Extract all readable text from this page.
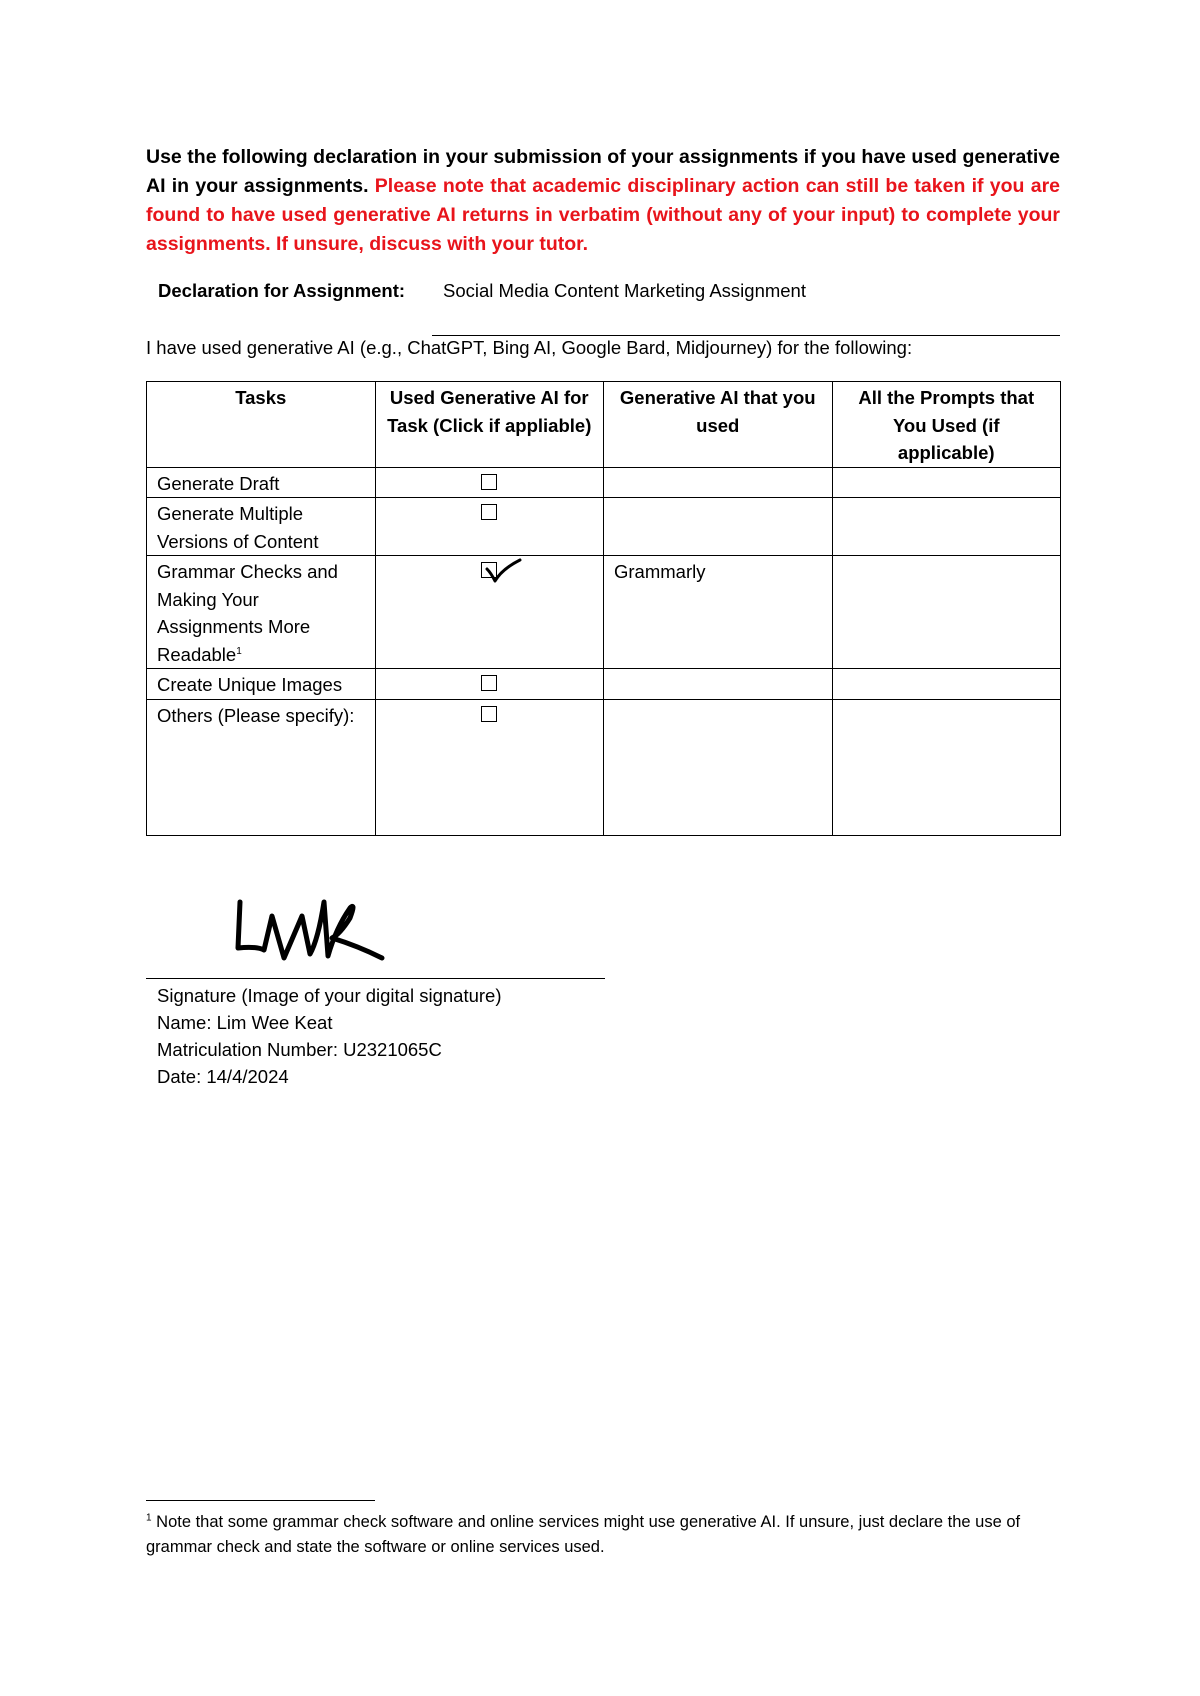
Use the following declaration in your submission of your assignments if you have used generative AI in your assignments. Please note that academic disciplinary action can still be taken if you are found to have used generative AI returns in verbatim (without any of your input) to complete your assignments. If unsure, discuss with your tutor.

Declaration for Assignment: Social Media Content Marketing Assignment
I have used generative AI (e.g., ChatGPT, Bing AI, Google Bard, Midjourney) for the following:
Tasks	Used Generative AI for Task (Click if appliable)	Generative AI that you used	All the Prompts that You Used (if applicable)
Generate Draft			
Generate Multiple Versions of Content			
Grammar Checks and Making Your Assignments More Readable$^1$		Grammarly	
Create Unique Images			
Others (Please specify):			
Signature (Image of your digital signature)
Name: Lim Wee Keat
Matriculation Number: U2321065C
Date: 14/4/2024
$^1$ Note that some grammar check software and online services might use generative AI. If unsure, just declare the use of grammar check and state the software or online services used.
